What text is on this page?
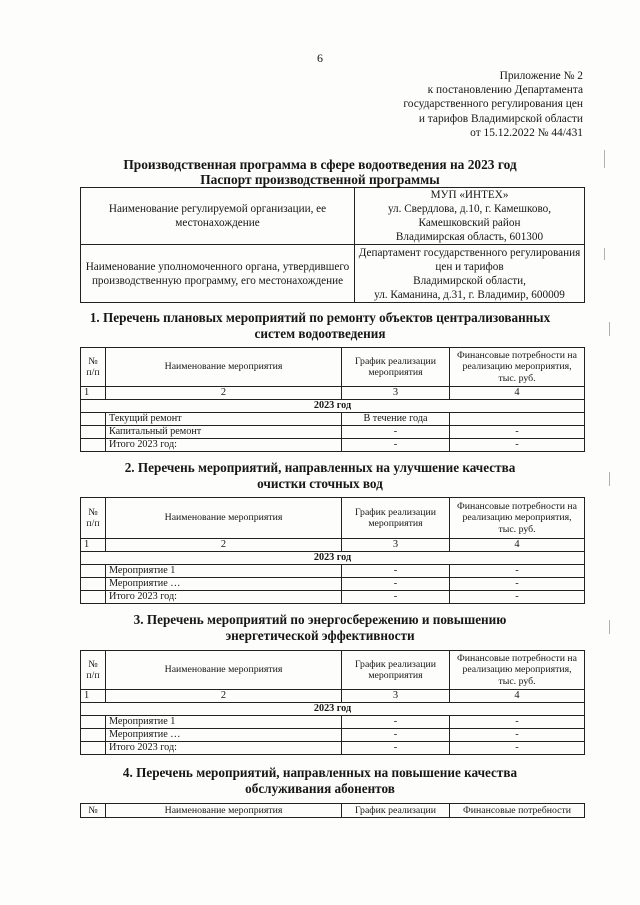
6
Приложение № 2
к постановлению Департамента
государственного регулирования цен
и тарифов Владимирской области
от 15.12.2022 № 44/431
Производственная программа в сфере водоотведения на 2023 год
Паспорт производственной программы
Наименование регулируемой организации, ее местонахождение	МУП «ИНТЕХ»
ул. Свердлова, д.10, г. Камешково,
Камешковский район
Владимирская область, 601300

Наименование уполномоченного органа, утвердившего производственную программу, его местонахождение	Департамент государственного регулирования
цен и тарифов
Владимирской области,
ул. Каманина, д.31, г. Владимир, 600009
1. Перечень плановых мероприятий по ремонту объектов централизованных
систем водоотведения
№ п/п	Наименование мероприятия	График реализации мероприятия	Финансовые потребности на реализацию мероприятия, тыс. руб.
1	2	3	4
2023 год			
	Текущий ремонт	В течение года	
	Капитальный ремонт	-	-
	Итого 2023 год:	-	-
2. Перечень мероприятий, направленных на улучшение качества
очистки сточных вод
№ п/п	Наименование мероприятия	График реализации мероприятия	Финансовые потребности на реализацию мероприятия, тыс. руб.
1	2	3	4
2023 год			
	Мероприятие 1	-	-
	Мероприятие …	-	-
	Итого 2023 год:	-	-
3. Перечень мероприятий по энергосбережению и повышению
энергетической эффективности
№ п/п	Наименование мероприятия	График реализации мероприятия	Финансовые потребности на реализацию мероприятия, тыс. руб.
1	2	3	4
2023 год			
	Мероприятие 1	-	-
	Мероприятие …	-	-
	Итого 2023 год:	-	-
4. Перечень мероприятий, направленных на повышение качества
обслуживания абонентов
№	Наименование мероприятия	График реализации	Финансовые потребности
